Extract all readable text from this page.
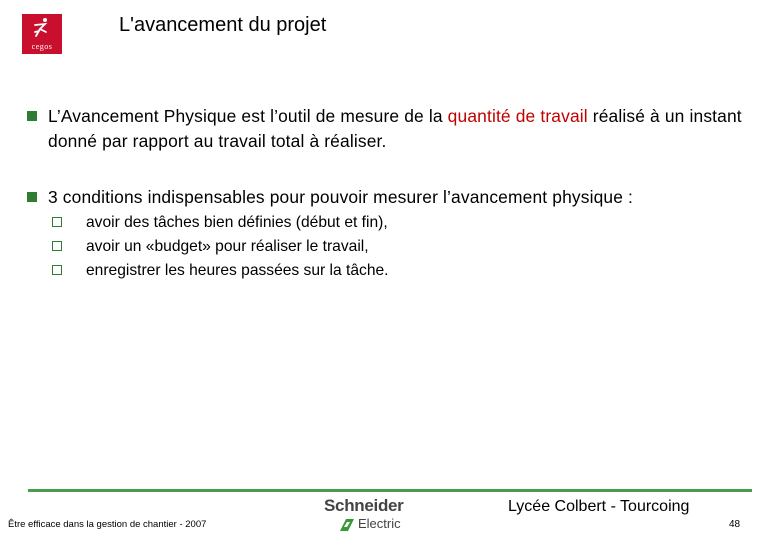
cegos
L'avancement du projet
L’Avancement Physique est l’outil de mesure de la quantité de travail réalisé à un instant donné par rapport au travail total à réaliser.
3 conditions indispensables pour pouvoir mesurer l’avancement physique :
avoir des tâches bien définies (début et fin),
avoir un «budget» pour réaliser le travail,
enregistrer les heures passées sur la tâche.
Être efficace dans la gestion de chantier - 2007
Schneider
Electric
Lycée Colbert - Tourcoing
48
